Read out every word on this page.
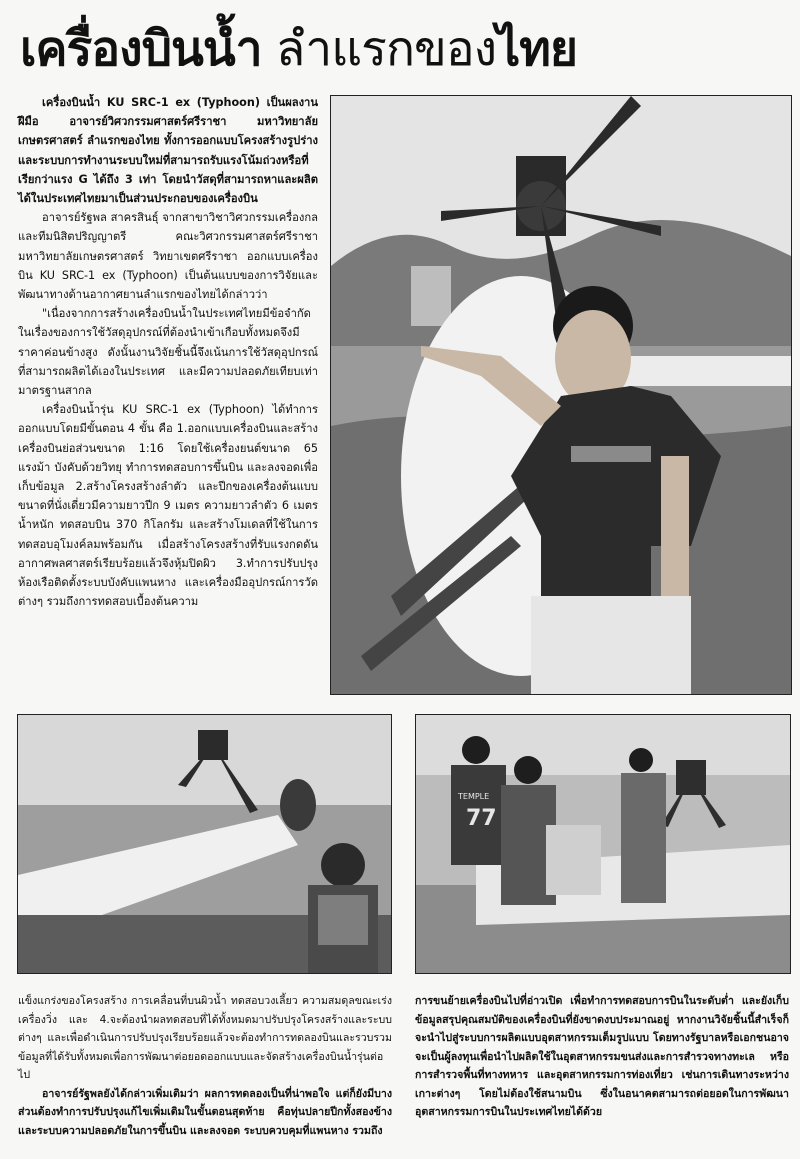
เครื่องบินน้ำ ลำแรกของไทย

เครื่องบินน้ำ KU SRC-1 ex (Typhoon) เป็นผลงานฝีมือ อาจารย์วิศวกรรมศาสตร์ศรีราชา มหาวิทยาลัยเกษตรศาสตร์ ลำแรกของไทย ทั้งการออกแบบโครงสร้างรูปร่างและระบบการทำงานระบบใหม่ที่สามารถรับแรงโน้มถ่วงหรือที่เรียกว่าแรง G ได้ถึง 3 เท่า โดยนำวัสดุที่สามารถหาและผลิตได้ในประเทศไทยมาเป็นส่วนประกอบของเครื่องบิน

อาจารย์รัฐพล สาครสินธุ์ จากสาขาวิชาวิศวกรรมเครื่องกล และทีมนิสิตปริญญาตรี คณะวิศวกรรมศาสตร์ศรีราชา มหาวิทยาลัยเกษตรศาสตร์ วิทยาเขตศรีราชา ออกแบบเครื่องบิน KU SRC-1 ex (Typhoon) เป็นต้นแบบของการวิจัยและพัฒนาทางด้านอากาศยานลำแรกของไทยได้กล่าวว่า

"เนื่องจากการสร้างเครื่องบินน้ำในประเทศไทยมีข้อจำกัดในเรื่องของการใช้วัสดุอุปกรณ์ที่ต้องนำเข้าเกือบทั้งหมดจึงมีราคาค่อนข้างสูง ดังนั้นงานวิจัยชิ้นนี้จึงเน้นการใช้วัสดุอุปกรณ์ที่สามารถผลิตได้เองในประเทศ และมีความปลอดภัยเทียบเท่ามาตรฐานสากล

เครื่องบินน้ำรุ่น KU SRC-1 ex (Typhoon) ได้ทำการออกแบบโดยมีขั้นตอน 4 ขั้น คือ 1.ออกแบบเครื่องบินและสร้างเครื่องบินย่อส่วนขนาด 1:16 โดยใช้เครื่องยนต์ขนาด 65 แรงม้า บังคับด้วยวิทยุ ทำการทดสอบการขึ้นบิน และลงจอดเพื่อเก็บข้อมูล 2.สร้างโครงสร้างลำตัว และปีกของเครื่องต้นแบบขนาดที่นั่งเดี่ยวมีความยาวปีก 9 เมตร ความยาวลำตัว 6 เมตร น้ำหนัก ทดสอบบิน 370 กิโลกรัม และสร้างโมเดลที่ใช้ในการทดสอบอุโมงค์ลมพร้อมกัน เมื่อสร้างโครงสร้างที่รับแรงกดดันอากาศพลศาสตร์เรียบร้อยแล้วจึงหุ้มปิดผิว 3.ทำการปรับปรุงห้องเรือติดตั้งระบบบังคับแพนหาง และเครื่องมืออุปกรณ์การวัดต่างๆ รวมถึงการทดสอบเบื้องต้นความ

77
TEMPLE

แข็งแกร่งของโครงสร้าง การเคลื่อนที่บนผิวน้ำ ทดสอบวงเลี้ยว ความสมดุลขณะเร่งเครื่องวิ่ง และ 4.จะต้องนำผลทดสอบที่ได้ทั้งหมดมาปรับปรุงโครงสร้างและระบบต่างๆ และเพื่อดำเนินการปรับปรุงเรียบร้อยแล้วจะต้องทำการทดลองบินและรวบรวมข้อมูลที่ได้รับทั้งหมดเพื่อการพัฒนาต่อยอดออกแบบและจัดสร้างเครื่องบินน้ำรุ่นต่อไป

อาจารย์รัฐพลยังได้กล่าวเพิ่มเติมว่า ผลการทดลองเป็นที่น่าพอใจ แต่ก็ยังมีบางส่วนต้องทำการปรับปรุงแก้ไขเพิ่มเติมในขั้นตอนสุดท้าย คือทุ่นปลายปีกทั้งสองข้าง และระบบความปลอดภัยในการขึ้นบิน และลงจอด ระบบควบคุมที่แพนหาง รวมถึง

การขนย้ายเครื่องบินไปที่อ่าวเปิด เพื่อทำการทดสอบการบินในระดับต่ำ และยังเก็บข้อมูลสรุปคุณสมบัติของเครื่องบินที่ยังขาดงบประมาณอยู่ หากงานวิจัยชิ้นนี้สำเร็จก็จะนำไปสู่ระบบการผลิตแบบอุตสาหกรรมเต็มรูปแบบ โดยทางรัฐบาลหรือเอกชนอาจจะเป็นผู้ลงทุนเพื่อนำไปผลิตใช้ในอุตสาหกรรมขนส่งและการสำรวจทางทะเล หรือการสำรวจพื้นที่ทางทหาร และอุตสาหกรรมการท่องเที่ยว เช่นการเดินทางระหว่างเกาะต่างๆ โดยไม่ต้องใช้สนามบิน ซึ่งในอนาคตสามารถต่อยอดในการพัฒนาอุตสาหกรรมการบินในประเทศไทยได้ด้วย
